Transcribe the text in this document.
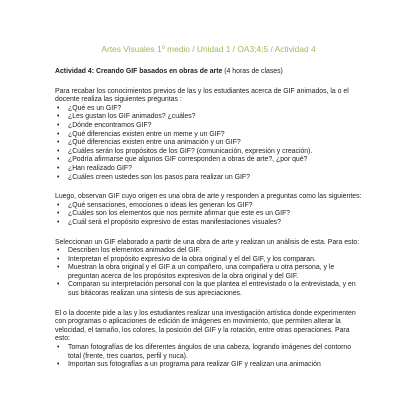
Artes Visuales 1º medio / Unidad 1 / OA3;4;5 / Actividad 4

Actividad 4: Creando GIF basados en obras de arte (4 horas de clases)

Para recabar los conocimientos previos de las y los estudiantes acerca de GIF animados, la o el docente realiza las siguientes preguntas :

• ¿Qué es un GIF?
• ¿Les gustan los GIF animados? ¿cuáles?
• ¿Dónde encontramos GIF?
• ¿Qué diferencias existen entre un meme y un GIF?
• ¿Qué diferencias existen entre una animación y un GIF?
• ¿Cuáles serán los propósitos de los GIF? (comunicación, expresión y creación).
• ¿Podría afirmarse que algunos GIF corresponden a obras de arte?, ¿por qué?
• ¿Han realizado GIF?
• ¿Cuáles creen ustedes son los pasos para realizar un GIF?

Luego, observan GIF cuyo origen es una obra de arte y responden a preguntas como las siguientes:

• ¿Qué sensaciones, emociones o ideas les generan los GIF?
• ¿Cuáles son los elementos que nos permite afirmar que este es un GIF?
• ¿Cuál será el propósito expresivo de estas manifestaciones visuales?

Seleccionan un GIF elaborado a partir de una obra de arte y realizan un análisis de esta. Para esto:

• Describen los elementos animados del GIF.
• Interpretan el propósito expresivo de la obra original y el del GIF, y los comparan.
• Muestran la obra original y el GIF a un compañero, una compañera u otra persona, y le preguntan acerca de los propósitos expresivos de la obra original y del GIF.
• Comparan su interpretación personal con la que plantea el entrevistado o la entrevistada, y en sus bitácoras realizan una síntesis de sus apreciaciones.

El o la docente pide a las y los estudiantes realizar una investigación artística donde experimenten con programas o aplicaciones de edición de imágenes en movimiento, que permiten alterar la velocidad, el tamaño, los colores, la posición del GIF y la rotación, entre otras operaciones. Para esto:

• Toman fotografías de los diferentes ángulos de una cabeza, logrando imágenes del contorno total (frente, tres cuartos, perfil y nuca).
• Importan sus fotografías a un programa para realizar GIF y realizan una animación
